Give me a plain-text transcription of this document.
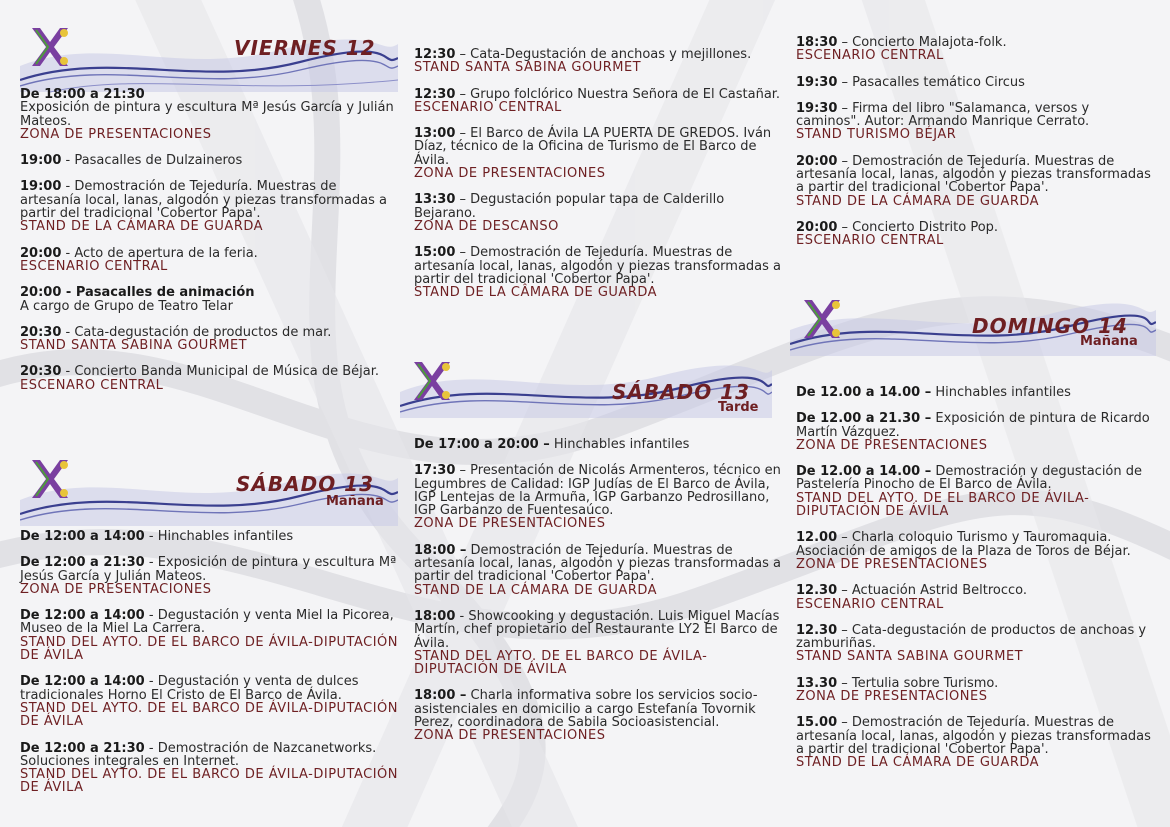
VIERNES 12
De 18:00 a 21:30
Exposición de pintura y escultura Mª Jesús García y Julián Mateos.
ZONA DE PRESENTACIONES
19:00 - Pasacalles de Dulzaineros
19:00 - Demostración de Tejeduría. Muestras de artesanía local, lanas, algodón y piezas transformadas a partir del tradicional 'Cobertor Papa'.
STAND DE LA CÁMARA DE GUARDA
20:00 - Acto de apertura de la feria.
ESCENARIO CENTRAL
20:00 - Pasacalles de animación
A cargo de Grupo de Teatro Telar
20:30 - Cata-degustación de productos de mar.
STAND SANTA SABINA GOURMET
20:30 - Concierto Banda Municipal de Música de Béjar.
ESCENARO CENTRAL
SÁBADO 13
Mañana
De 12:00 a 14:00 - Hinchables infantiles
De 12:00 a 21:30 - Exposición de pintura y escultura Mª Jesús García y Julián Mateos.
ZONA DE PRESENTACIONES
De 12:00 a 14:00 - Degustación y venta Miel la Picorea, Museo de la Miel La Carrera.
STAND DEL AYTO. DE EL BARCO DE ÁVILA-DIPUTACIÓN DE ÁVILA
De 12:00 a 14:00 - Degustación y venta de dulces tradicionales Horno El Cristo de El Barco de Ávila.
STAND DEL AYTO. DE EL BARCO DE ÁVILA-DIPUTACIÓN DE ÁVILA
De 12:00 a 21:30 - Demostración de Nazcanetworks. Soluciones integrales en Internet.
STAND DEL AYTO. DE EL BARCO DE ÁVILA-DIPUTACIÓN DE ÁVILA
12:30 – Cata-Degustación de anchoas y mejillones.
STAND SANTA SABINA GOURMET
12:30 – Grupo folclórico Nuestra Señora de El Castañar.
ESCENARIO CENTRAL
13:00 – El Barco de Ávila LA PUERTA DE GREDOS. Iván Díaz, técnico de la Oficina de Turismo de El Barco de Ávila.
ZONA DE PRESENTACIONES
13:30 – Degustación popular tapa de Calderillo Bejarano.
ZONA DE DESCANSO
15:00 – Demostración de Tejeduría. Muestras de artesanía local, lanas, algodón y piezas transformadas a partir del tradicional 'Cobertor Papa'.
STAND DE LA CÂMARA DE GUARDA
SÁBADO 13
Tarde
De 17:00 a 20:00 – Hinchables infantiles
17:30 – Presentación de Nicolás Armenteros, técnico en Legumbres de Calidad: IGP Judías de El Barco de Ávila, IGP Lentejas de la Armuña, IGP Garbanzo Pedrosillano, IGP Garbanzo de Fuentesaúco.
ZONA DE PRESENTACIONES
18:00 – Demostración de Tejeduría. Muestras de artesanía local, lanas, algodón y piezas transformadas a partir del tradicional 'Cobertor Papa'.
STAND DE LA CÁMARA DE GUARDA
18:00 - Showcooking y degustación. Luis Miguel Macías Martín, chef propietario del Restaurante LY2 El Barco de Ávila.
STAND DEL AYTO. DE EL BARCO DE ÁVILA-DIPUTACIÓN DE ÁVILA
18:00 – Charla informativa sobre los servicios socio-asistenciales en domicilio a cargo Estefanía Tovornik Perez, coordinadora de Sabila Socioasistencial.
ZONA DE PRESENTACIONES
18:30 – Concierto Malajota-folk.
ESCENARIO CENTRAL
19:30 – Pasacalles temático Circus
19:30 – Firma del libro "Salamanca, versos y caminos". Autor: Armando Manrique Cerrato.
STAND TURISMO BÉJAR
20:00 – Demostración de Tejeduría. Muestras de artesanía local, lanas, algodón y piezas transformadas a partir del tradicional 'Cobertor Papa'.
STAND DE LA CÁMARA DE GUARDA
20:00 – Concierto Distrito Pop.
ESCENARIO CENTRAL
DOMINGO 14
Mañana
De 12.00 a 14.00 – Hinchables infantiles
De 12.00 a 21.30 – Exposición de pintura de Ricardo Martín Vázquez.
ZONA DE PRESENTACIONES
De 12.00 a 14.00 – Demostración y degustación de Pastelería Pinocho de El Barco de Ávila.
STAND DEL AYTO. DE EL BARCO DE ÁVILA-DIPUTACIÓN DE ÁVILA
12.00 – Charla coloquio Turismo y Tauromaquia. Asociación de amigos de la Plaza de Toros de Béjar.
ZONA DE PRESENTACIONES
12.30 – Actuación Astrid Beltrocco.
ESCENARIO CENTRAL
12.30 – Cata-degustación de productos de anchoas y zamburiñas.
STAND SANTA SABINA GOURMET
13.30 – Tertulia sobre Turismo.
ZONA DE PRESENTACIONES
15.00 – Demostración de Tejeduría. Muestras de artesanía local, lanas, algodón y piezas transformadas a partir del tradicional 'Cobertor Papa'.
STAND DE LA CÁMARA DE GUARDA
